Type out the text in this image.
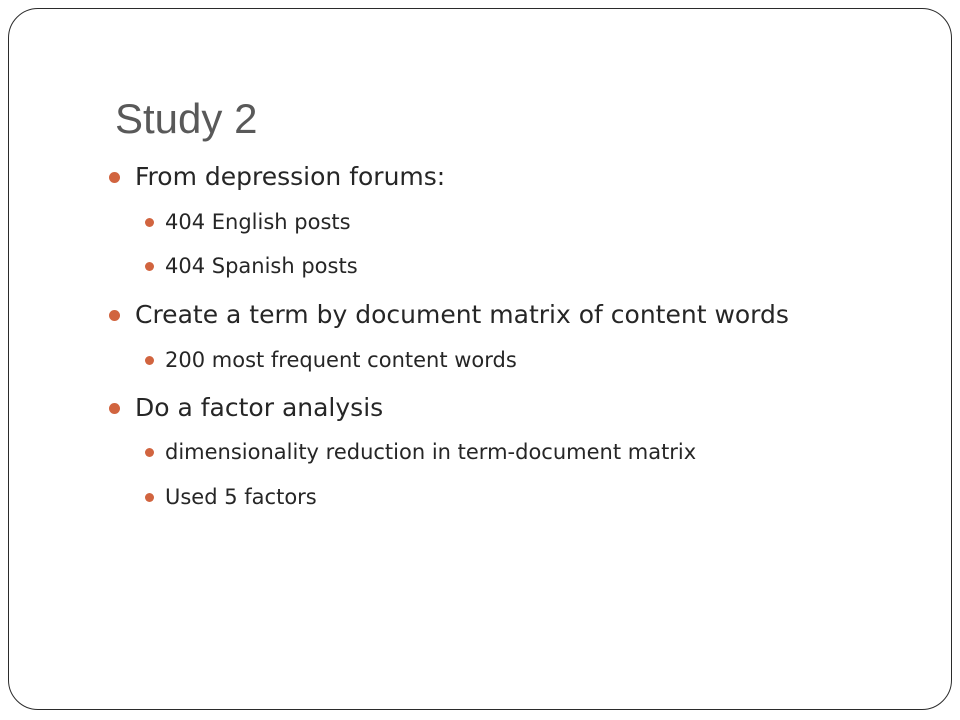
Study 2
From depression forums:
404 English posts
404 Spanish posts
Create a term by document matrix of content words
200 most frequent content words
Do a factor analysis
dimensionality reduction in term-document matrix
Used 5 factors
